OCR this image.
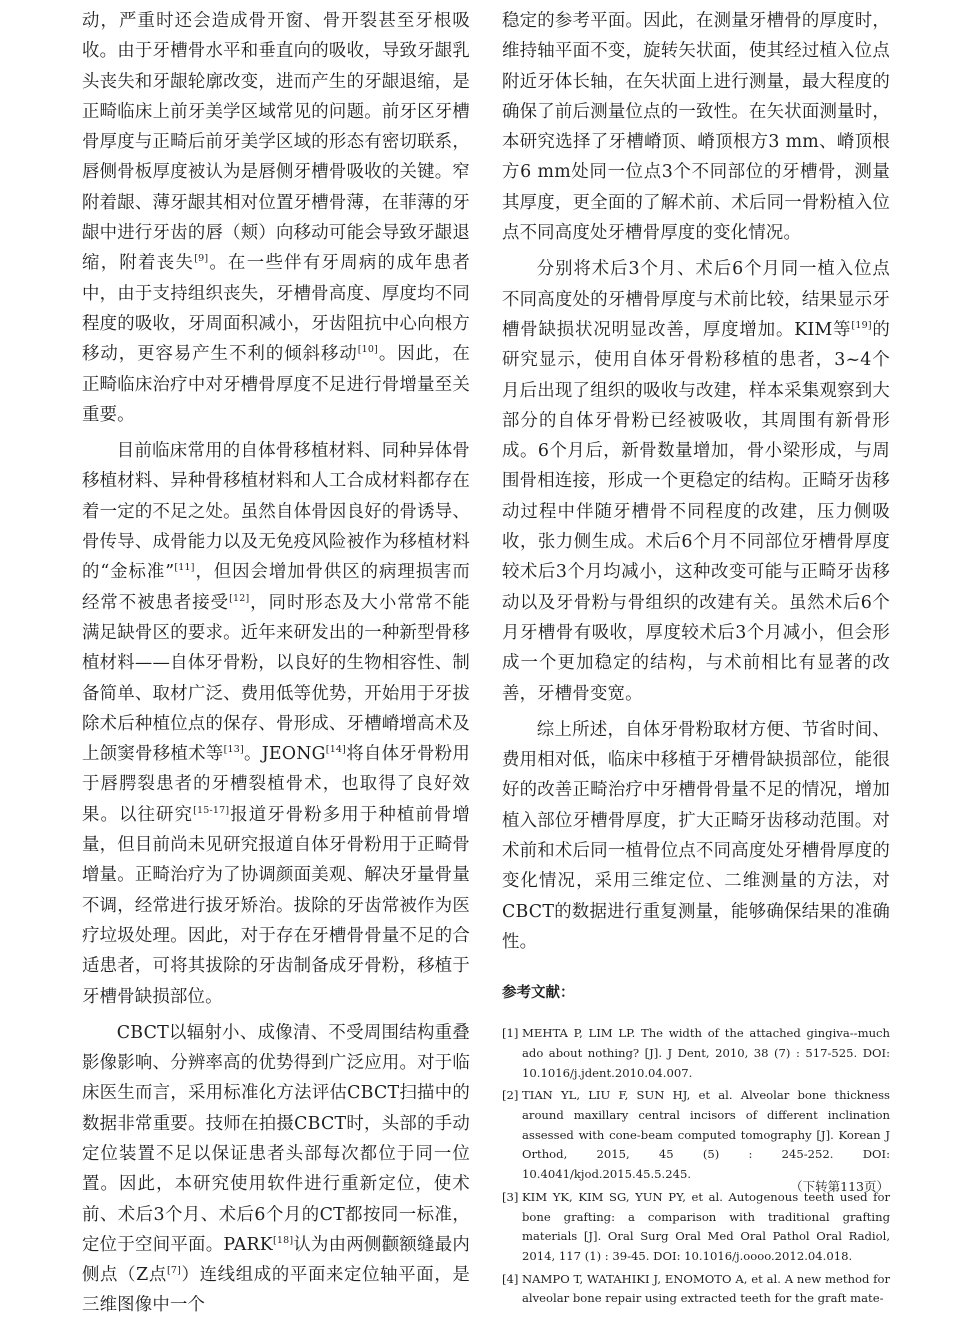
动，严重时还会造成骨开窗、骨开裂甚至牙根吸收。由于牙槽骨水平和垂直向的吸收，导致牙龈乳头丧失和牙龈轮廓改变，进而产生的牙龈退缩，是正畸临床上前牙美学区域常见的问题。前牙区牙槽骨厚度与正畸后前牙美学区域的形态有密切联系，唇侧骨板厚度被认为是唇侧牙槽骨吸收的关键。窄附着龈、薄牙龈其相对位置牙槽骨薄，在菲薄的牙龈中进行牙齿的唇（颊）向移动可能会导致牙龈退缩，附着丧失[9]。在一些伴有牙周病的成年患者中，由于支持组织丧失，牙槽骨高度、厚度均不同程度的吸收，牙周面积减小，牙齿阻抗中心向根方移动，更容易产生不利的倾斜移动[10]。因此，在正畸临床治疗中对牙槽骨厚度不足进行骨增量至关重要。

目前临床常用的自体骨移植材料、同种异体骨移植材料、异种骨移植材料和人工合成材料都存在着一定的不足之处。虽然自体骨因良好的骨诱导、骨传导、成骨能力以及无免疫风险被作为移植材料的“金标准”[11]，但因会增加骨供区的病理损害而经常不被患者接受[12]，同时形态及大小常常不能满足缺骨区的要求。近年来研发出的一种新型骨移植材料——自体牙骨粉，以良好的生物相容性、制备简单、取材广泛、费用低等优势，开始用于牙拔除术后种植位点的保存、骨形成、牙槽嵴增高术及上颌窦骨移植术等[13]。JEONG[14]将自体牙骨粉用于唇腭裂患者的牙槽裂植骨术，也取得了良好效果。以往研究[15-17]报道牙骨粉多用于种植前骨增量，但目前尚未见研究报道自体牙骨粉用于正畸骨增量。正畸治疗为了协调颜面美观、解决牙量骨量不调，经常进行拔牙矫治。拔除的牙齿常被作为医疗垃圾处理。因此，对于存在牙槽骨骨量不足的合适患者，可将其拔除的牙齿制备成牙骨粉，移植于牙槽骨缺损部位。

CBCT以辐射小、成像清、不受周围结构重叠影像影响、分辨率高的优势得到广泛应用。对于临床医生而言，采用标准化方法评估CBCT扫描中的数据非常重要。技师在拍摄CBCT时，头部的手动定位装置不足以保证患者头部每次都位于同一位置。因此，本研究使用软件进行重新定位，使术前、术后3个月、术后6个月的CT都按同一标准，定位于空间平面。PARK[18]认为由两侧颧额缝最内侧点（Z点[7]）连线组成的平面来定位轴平面，是三维图像中一个

稳定的参考平面。因此，在测量牙槽骨的厚度时，维持轴平面不变，旋转矢状面，使其经过植入位点附近牙体长轴，在矢状面上进行测量，最大程度的确保了前后测量位点的一致性。在矢状面测量时，本研究选择了牙槽嵴顶、嵴顶根方3 mm、嵴顶根方6 mm处同一位点3个不同部位的牙槽骨，测量其厚度，更全面的了解术前、术后同一骨粉植入位点不同高度处牙槽骨厚度的变化情况。

分别将术后3个月、术后6个月同一植入位点不同高度处的牙槽骨厚度与术前比较，结果显示牙槽骨缺损状况明显改善，厚度增加。KIM等[19]的研究显示，使用自体牙骨粉移植的患者，3~4个月后出现了组织的吸收与改建，样本采集观察到大部分的自体牙骨粉已经被吸收，其周围有新骨形成。6个月后，新骨数量增加，骨小梁形成，与周围骨相连接，形成一个更稳定的结构。正畸牙齿移动过程中伴随牙槽骨不同程度的改建，压力侧吸收，张力侧生成。术后6个月不同部位牙槽骨厚度较术后3个月均减小，这种改变可能与正畸牙齿移动以及牙骨粉与骨组织的改建有关。虽然术后6个月牙槽骨有吸收，厚度较术后3个月减小，但会形成一个更加稳定的结构，与术前相比有显著的改善，牙槽骨变宽。

综上所述，自体牙骨粉取材方便、节省时间、费用相对低，临床中移植于牙槽骨缺损部位，能很好的改善正畸治疗中牙槽骨骨量不足的情况，增加植入部位牙槽骨厚度，扩大正畸牙齿移动范围。对术前和术后同一植骨位点不同高度处牙槽骨厚度的变化情况，采用三维定位、二维测量的方法，对CBCT的数据进行重复测量，能够确保结果的准确性。

参考文献：
[1] MEHTA P, LIM LP. The width of the attached gingiva--much ado about nothing? [J]. J Dent, 2010, 38 (7) : 517-525. DOI: 10.1016/j.jdent.2010.04.007.
[2] TIAN YL, LIU F, SUN HJ, et al. Alveolar bone thickness around maxillary central incisors of different inclination assessed with cone-beam computed tomography [J]. Korean J Orthod, 2015, 45 (5) : 245-252. DOI: 10.4041/kjod.2015.45.5.245.
[3] KIM YK, KIM SG, YUN PY, et al. Autogenous teeth used for bone grafting: a comparison with traditional grafting materials [J]. Oral Surg Oral Med Oral Pathol Oral Radiol, 2014, 117 (1) : 39-45. DOI: 10.1016/j.oooo.2012.04.018.
[4] NAMPO T, WATAHIKI J, ENOMOTO A, et al. A new method for alveolar bone repair using extracted teeth for the graft mate-
（下转第113页）
